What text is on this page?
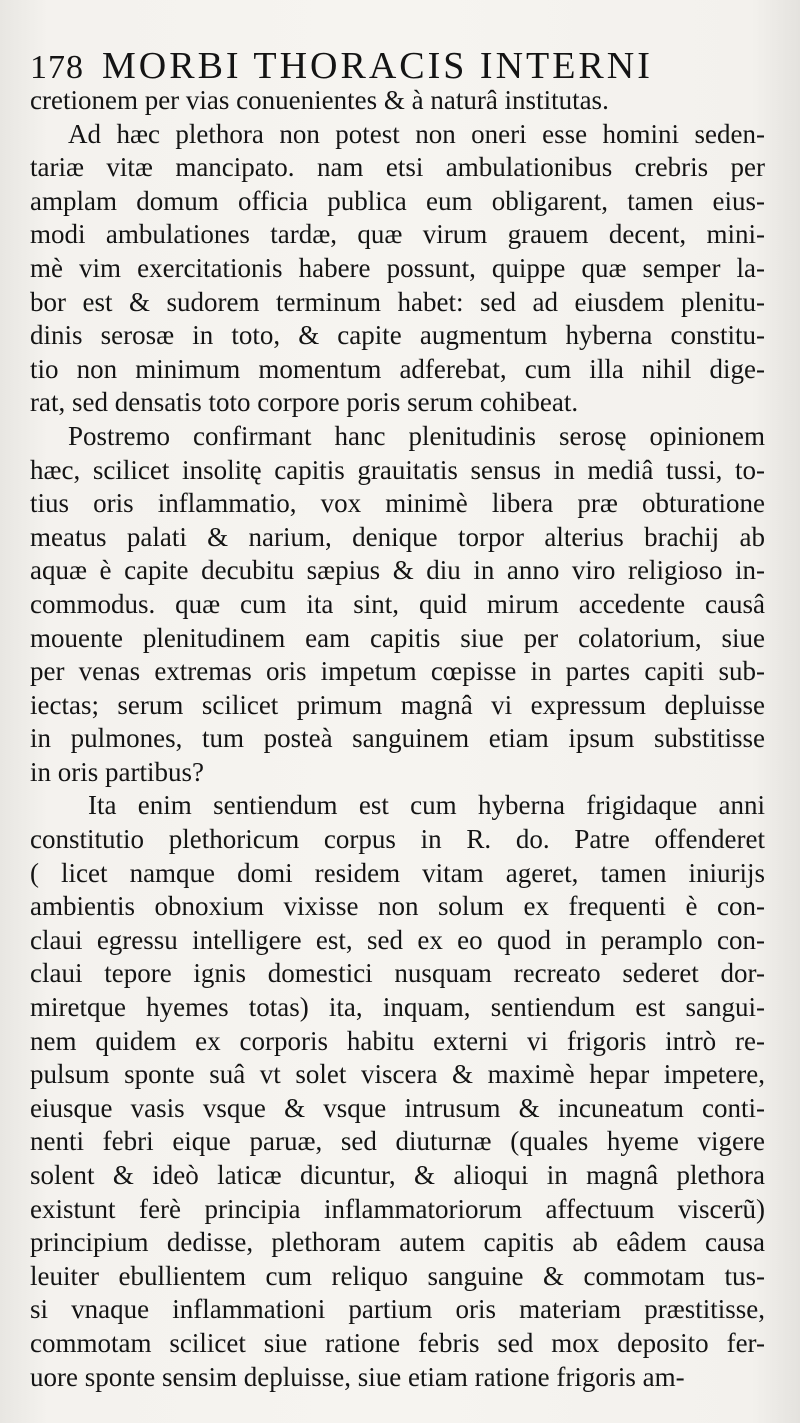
178 MORBI THORACIS INTERNI
cretionem per vias conuenientes & à naturâ institutas.
Ad hæc plethora non potest non oneri esse homini seden-
tariæ vitæ mancipato. nam etsi ambulationibus crebris per
amplam domum officia publica eum obligarent, tamen eius-
modi ambulationes tardæ, quæ virum grauem decent, mini-
mè vim exercitationis habere possunt, quippe quæ semper la-
bor est & sudorem terminum habet: sed ad eiusdem plenitu-
dinis serosæ in toto, & capite augmentum hyberna constitu-
tio non minimum momentum adferebat, cum illa nihil dige-
rat, sed densatis toto corpore poris serum cohibeat.
Postremo confirmant hanc plenitudinis serosę opinionem
hæc, scilicet insolitę capitis grauitatis sensus in mediâ tussi, to-
tius oris inflammatio, vox minimè libera præ obturatione
meatus palati & narium, denique torpor alterius brachij ab
aquæ è capite decubitu sæpius & diu in anno viro religioso in-
commodus. quæ cum ita sint, quid mirum accedente causâ
mouente plenitudinem eam capitis siue per colatorium, siue
per venas extremas oris impetum cœpisse in partes capiti sub-
iectas; serum scilicet primum magnâ vi expressum depluisse
in pulmones, tum posteà sanguinem etiam ipsum substitisse
in oris partibus?
Ita enim sentiendum est cum hyberna frigidaque anni
constitutio plethoricum corpus in R. do. Patre offenderet
( licet namque domi residem vitam ageret, tamen iniurijs
ambientis obnoxium vixisse non solum ex frequenti è con-
claui egressu intelligere est, sed ex eo quod in peramplo con-
claui tepore ignis domestici nusquam recreato sederet dor-
miretque hyemes totas) ita, inquam, sentiendum est sangui-
nem quidem ex corporis habitu externi vi frigoris intrò re-
pulsum sponte suâ vt solet viscera & maximè hepar impetere,
eiusque vasis vsque & vsque intrusum & incuneatum conti-
nenti febri eique paruæ, sed diuturnæ (quales hyeme vigere
solent & ideò laticæ dicuntur, & alioqui in magnâ plethora
existunt ferè principia inflammatoriorum affectuum viscerũ)
principium dedisse, plethoram autem capitis ab eâdem causa
leuiter ebullientem cum reliquo sanguine & commotam tus-
si vnaque inflammationi partium oris materiam præstitisse,
commotam scilicet siue ratione febris sed mox deposito fer-
uore sponte sensim depluisse, siue etiam ratione frigoris am-
